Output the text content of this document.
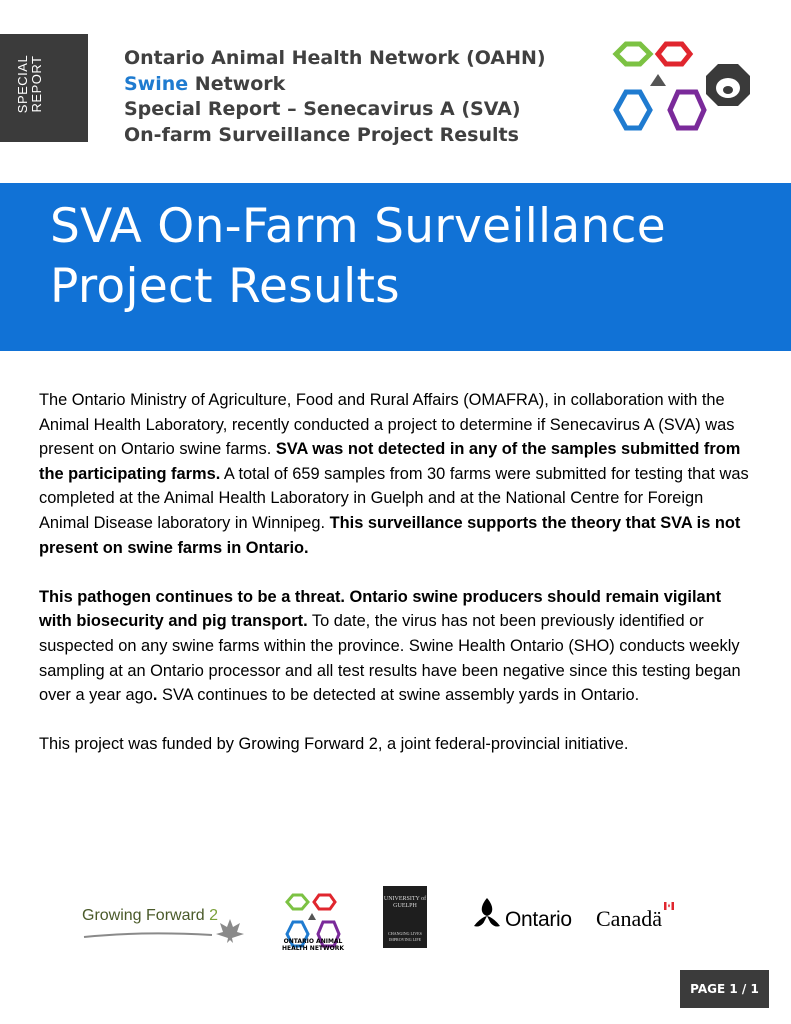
SPECIAL REPORT	Ontario Animal Health Network (OAHN)
Swine Network
Special Report – Senecavirus A (SVA)
On-farm Surveillance Project Results
SVA On-Farm Surveillance
Project Results

The Ontario Ministry of Agriculture, Food and Rural Affairs (OMAFRA), in collaboration with the Animal Health Laboratory, recently conducted a project to determine if Senecavirus A (SVA) was present on Ontario swine farms. SVA was not detected in any of the samples submitted from the participating farms. A total of 659 samples from 30 farms were submitted for testing that was completed at the Animal Health Laboratory in Guelph and at the National Centre for Foreign Animal Disease laboratory in Winnipeg. This surveillance supports the theory that SVA is not present on swine farms in Ontario.

This pathogen continues to be a threat. Ontario swine producers should remain vigilant with biosecurity and pig transport. To date, the virus has not been previously identified or suspected on any swine farms within the province. Swine Health Ontario (SHO) conducts weekly sampling at an Ontario processor and all test results have been negative since this testing began over a year ago. SVA continues to be detected at swine assembly yards in Ontario.

This project was funded by Growing Forward 2, a joint federal-provincial initiative.

Growing Forward 2
ONTARIO ANIMAL HEALTH NETWORK
UNIVERSITY of GUELPH
CHANGING LIVES IMPROVING LIFE
Ontario Canadä
PAGE 1 / 1
